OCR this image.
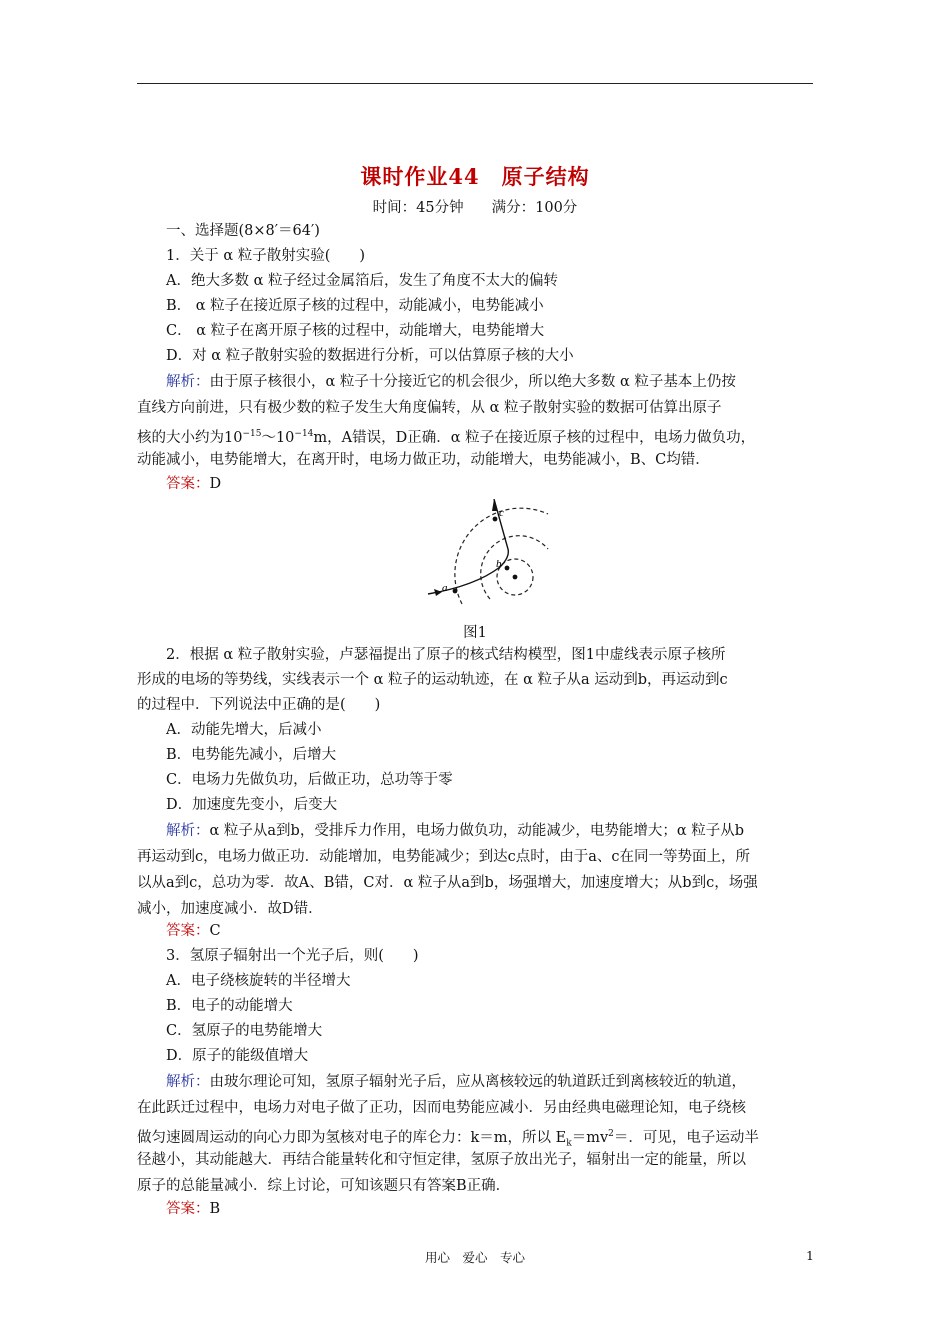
课时作业44 原子结构
时间：45分钟 满分：100分
一、选择题(8×8′＝64′)
1．关于 α 粒子散射实验(　　)
A．绝大多数 α 粒子经过金属箔后，发生了角度不太大的偏转
B． α 粒子在接近原子核的过程中，动能减小，电势能减小
C． α 粒子在离开原子核的过程中，动能增大，电势能增大
D．对 α 粒子散射实验的数据进行分析，可以估算原子核的大小
解析：由于原子核很小，α 粒子十分接近它的机会很少，所以绝大多数 α 粒子基本上仍按
直线方向前进，只有极少数的粒子发生大角度偏转，从 α 粒子散射实验的数据可估算出原子
核的大小约为$10^{-15}\sim 10^{-14}m$，A错误，D正确．α 粒子在接近原子核的过程中，电场力做负功，
动能减小，电势能增大，在离开时，电场力做正功，动能增大，电势能减小，B、C均错．
答案：D
a
b
c
图1
2．根据 α 粒子散射实验，卢瑟福提出了原子的核式结构模型，图1中虚线表示原子核所
形成的电场的等势线，实线表示一个 α 粒子的运动轨迹，在 α 粒子从a 运动到b，再运动到c
的过程中．下列说法中正确的是(　　)
A．动能先增大，后减小
B．电势能先减小，后增大
C．电场力先做负功，后做正功，总功等于零
D．加速度先变小，后变大
解析：α 粒子从a到b，受排斥力作用，电场力做负功，动能减少，电势能增大；α 粒子从b
再运动到c，电场力做正功．动能增加，电势能减少；到达c点时，由于a、c在同一等势面上，所
以从a到c，总功为零．故A、B错，C对．α 粒子从a到b，场强增大，加速度增大；从b到c，场强
减小，加速度减小．故D错．
答案：C
3．氢原子辐射出一个光子后，则(　　)
A．电子绕核旋转的半径增大
B．电子的动能增大
C．氢原子的电势能增大
D．原子的能级值增大
解析：由玻尔理论可知，氢原子辐射光子后，应从离核较远的轨道跃迁到离核较近的轨道，
在此跃迁过程中，电场力对电子做了正功，因而电势能应减小．另由经典电磁理论知，电子绕核
做匀速圆周运动的向心力即为氢核对电子的库仑力：k＝m，所以 $E_k=mv^2=$．可见，电子运动半
径越小，其动能越大．再结合能量转化和守恒定律，氢原子放出光子，辐射出一定的能量，所以
原子的总能量减小．综上讨论，可知该题只有答案B正确．
答案：B
用心　爱心　专心	1
